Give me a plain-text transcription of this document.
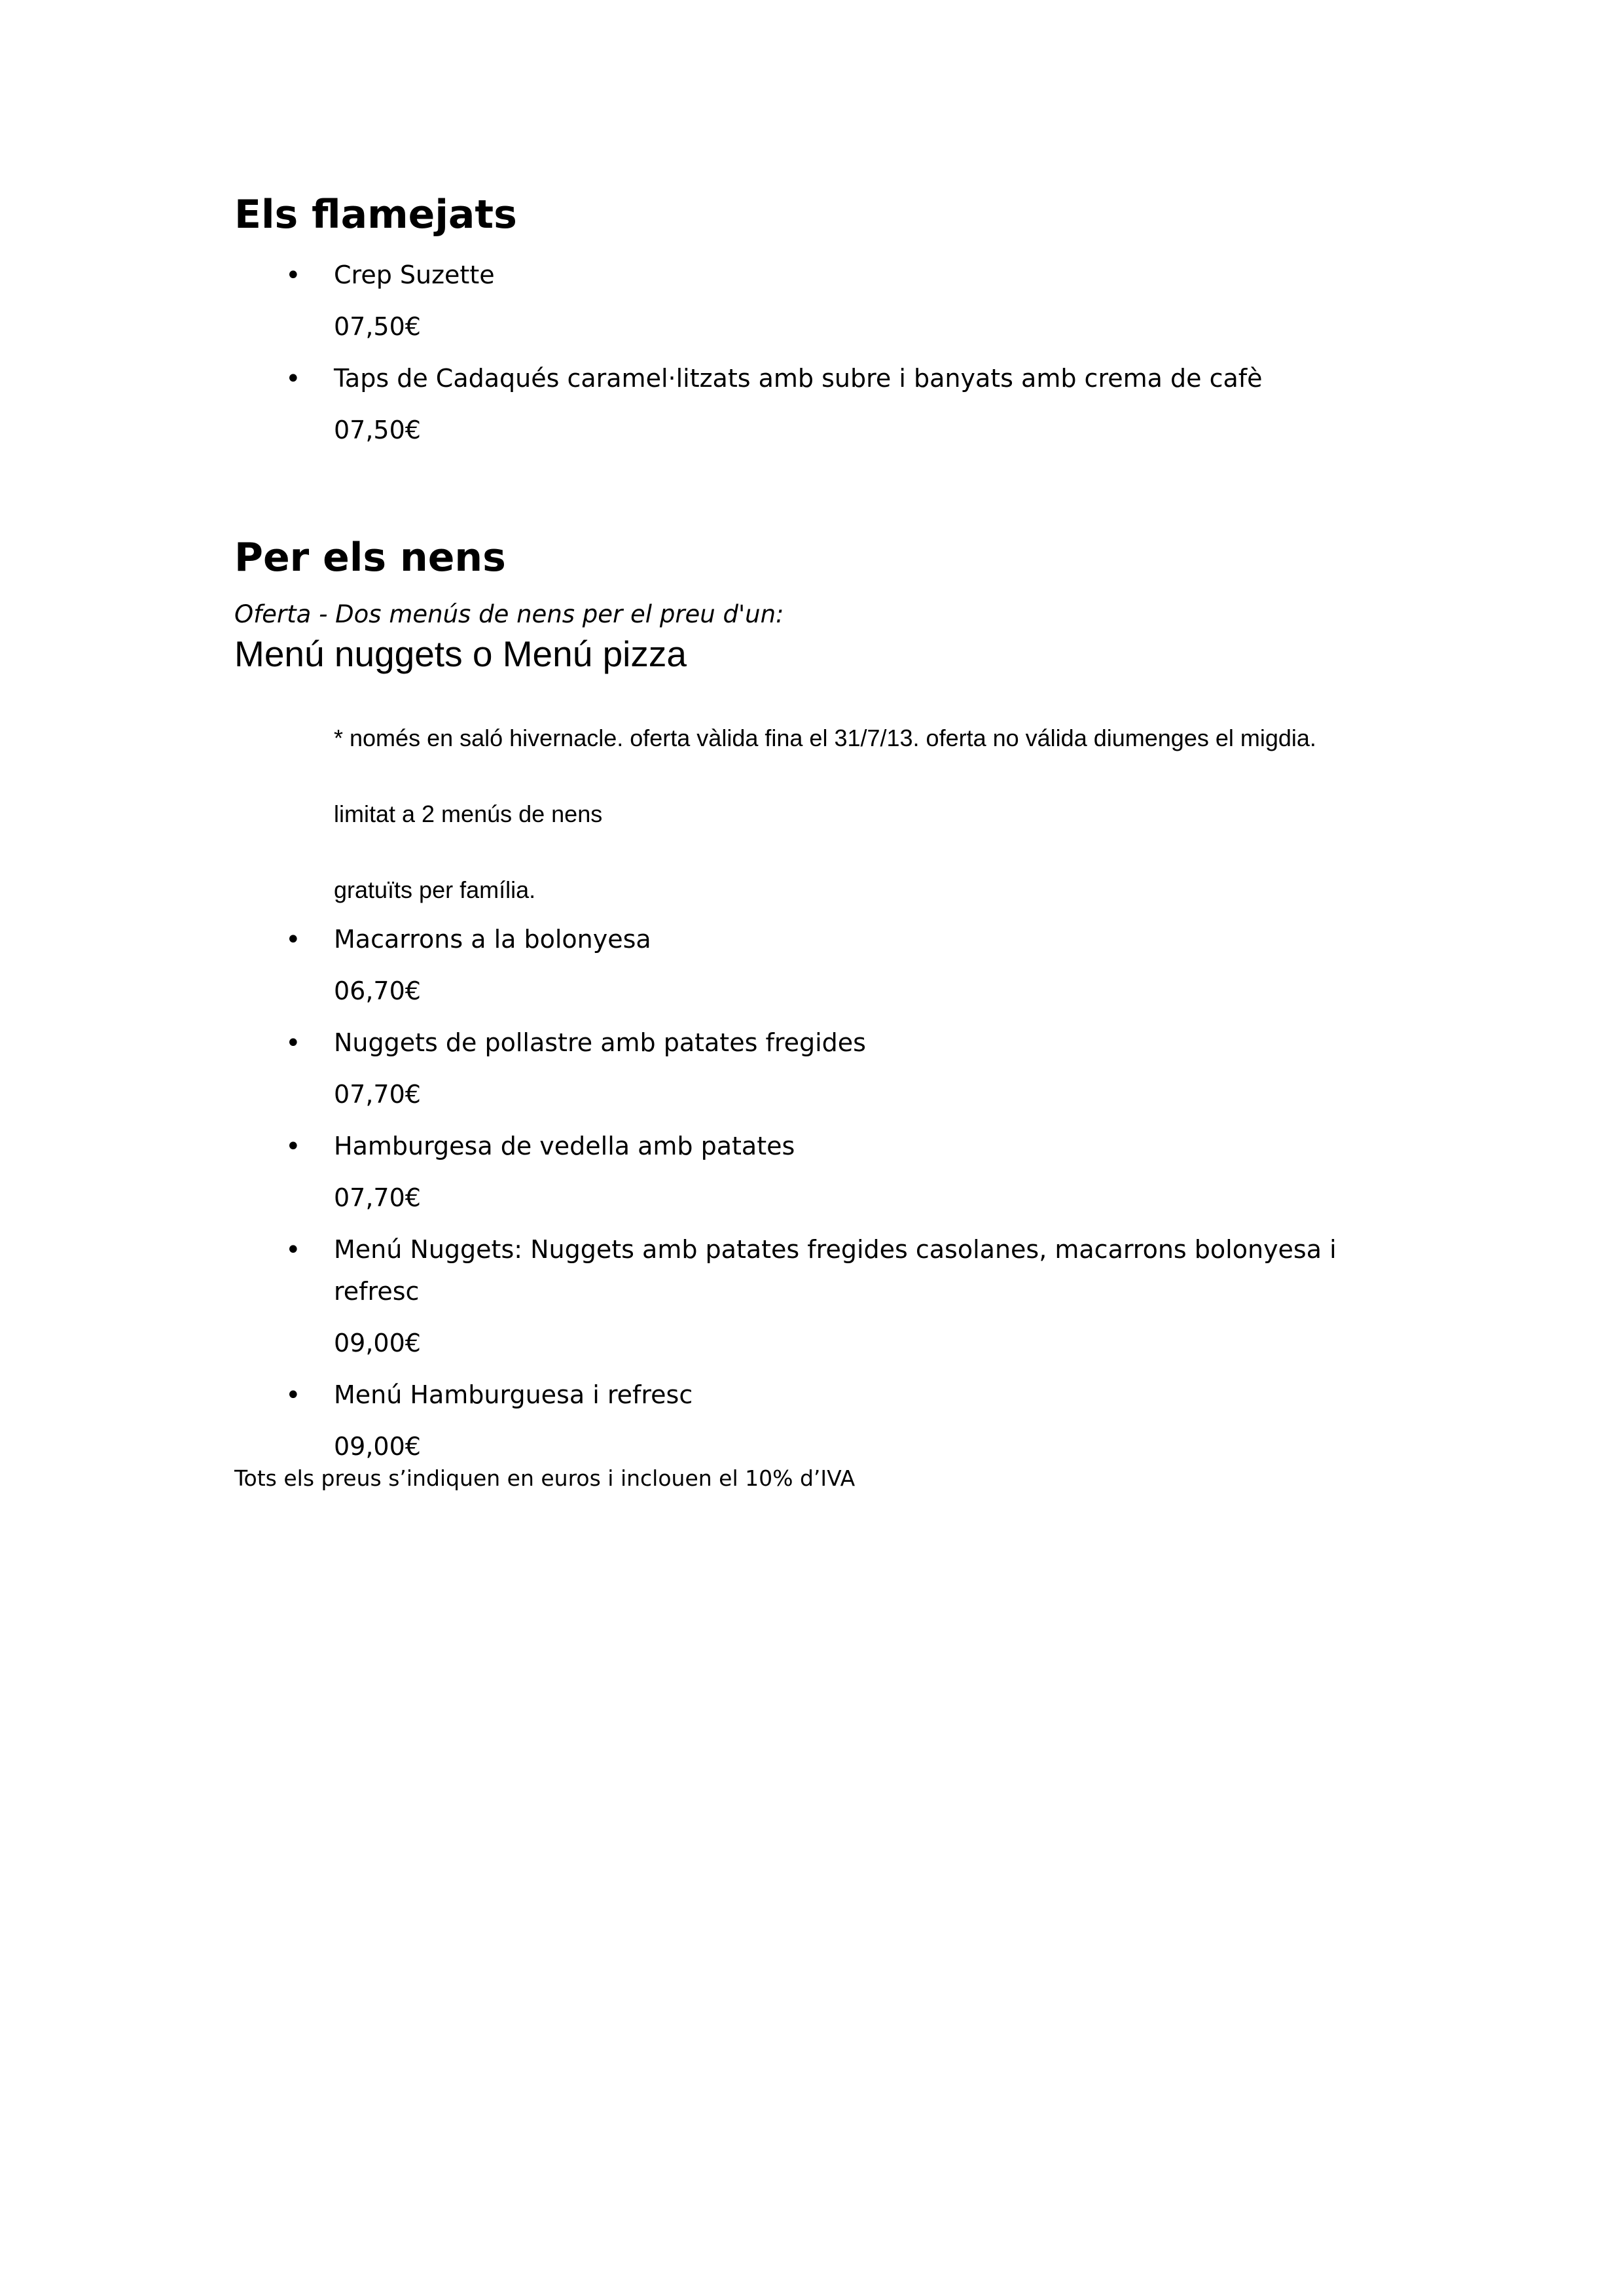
Els flamejats
• Crep Suzette
07,50€
• Taps de Cadaqués caramel·litzats amb subre i banyats amb crema de cafè
07,50€
Per els nens
Oferta - Dos menús de nens per el preu d'un:
Menú nuggets o Menú pizza
* només en saló hivernacle. oferta vàlida fina el 31/7/13. oferta no válida diumenges el migdia.
limitat a 2 menús de nens
gratuïts per família.
• Macarrons a la bolonyesa
06,70€
• Nuggets de pollastre amb patates fregides
07,70€
• Hamburgesa de vedella amb patates
07,70€
• Menú Nuggets: Nuggets amb patates fregides casolanes, macarrons bolonyesa i
refresc
09,00€
• Menú Hamburguesa i refresc
09,00€
Tots els preus s’indiquen en euros i inclouen el 10% d’IVA
